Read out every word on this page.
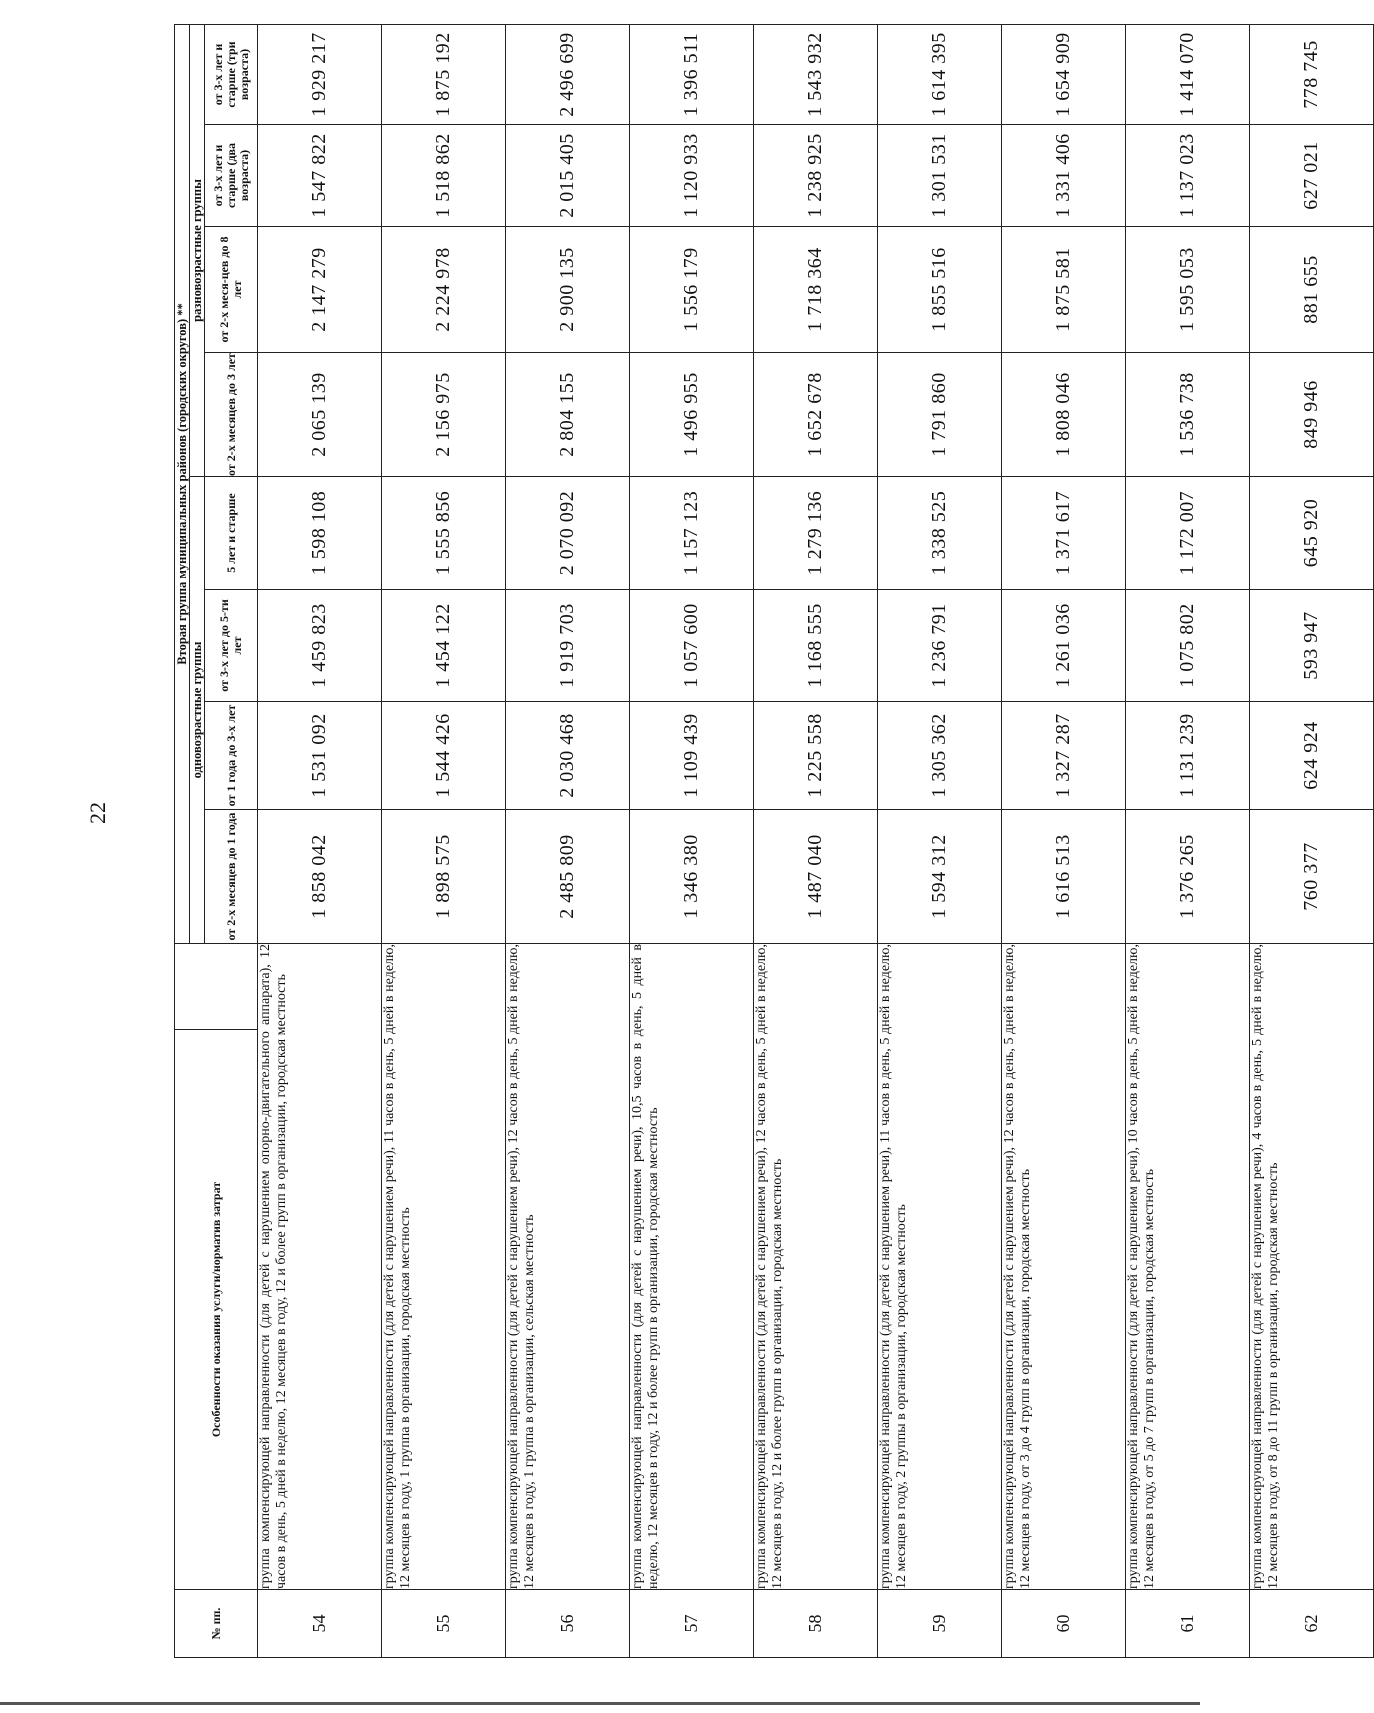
22
№ пп.	Особенности оказания услуги/норматив затрат		Вторая группа муниципальных районов (городских округов) **							
			одновозрастные группы				разновозрастные группы			
			от 2-х месяцев до 1 года	от 1 года до 3-х лет	от 3-х лет до 5-ти лет	5 лет и старше	от 2-х месяцев до 3 лет	от 2-х меся-цев до 8 лет	от 3-х лет и старше (два возраста)	от 3-х лет и старше (три возраста)

54	группа компенсирующей направленности (для детей с нарушением опорно-двигательного аппарата), 12 часов в день, 5 дней в неделю, 12 месяцев в году, 12 и более групп в организации, городская местность		1 858 042	1 531 092	1 459 823	1 598 108	2 065 139	2 147 279	1 547 822	1 929 217
55	группа компенсирующей направленности (для детей с нарушением речи), 11 часов в день, 5 дней в неделю, 12 месяцев в году, 1 группа в организации, городская местность		1 898 575	1 544 426	1 454 122	1 555 856	2 156 975	2 224 978	1 518 862	1 875 192
56	группа компенсирующей направленности (для детей с нарушением речи), 12 часов в день, 5 дней в неделю, 12 месяцев в году, 1 группа в организации, сельская местность		2 485 809	2 030 468	1 919 703	2 070 092	2 804 155	2 900 135	2 015 405	2 496 699
57	группа компенсирующей направленности (для детей с нарушением речи), 10,5 часов в день, 5 дней в неделю, 12 месяцев в году, 12 и более групп в организации, городская местность		1 346 380	1 109 439	1 057 600	1 157 123	1 496 955	1 556 179	1 120 933	1 396 511
58	группа компенсирующей направленности (для детей с нарушением речи), 12 часов в день, 5 дней в неделю, 12 месяцев в году, 12 и более групп в организации, городская местность		1 487 040	1 225 558	1 168 555	1 279 136	1 652 678	1 718 364	1 238 925	1 543 932
59	группа компенсирующей направленности (для детей с нарушением речи), 11 часов в день, 5 дней в неделю, 12 месяцев в году, 2 группы в организации, городская местность		1 594 312	1 305 362	1 236 791	1 338 525	1 791 860	1 855 516	1 301 531	1 614 395
60	группа компенсирующей направленности (для детей с нарушением речи), 12 часов в день, 5 дней в неделю, 12 месяцев в году, от 3 до 4 групп в организации, городская местность		1 616 513	1 327 287	1 261 036	1 371 617	1 808 046	1 875 581	1 331 406	1 654 909
61	группа компенсирующей направленности (для детей с нарушением речи), 10 часов в день, 5 дней в неделю, 12 месяцев в году, от 5 до 7 групп в организации, городская местность		1 376 265	1 131 239	1 075 802	1 172 007	1 536 738	1 595 053	1 137 023	1 414 070
62	группа компенсирующей направленности (для детей с нарушением речи), 4 часов в день, 5 дней в неделю, 12 месяцев в году, от 8 до 11 групп в организации, городская местность		760 377	624 924	593 947	645 920	849 946	881 655	627 021	778 745
